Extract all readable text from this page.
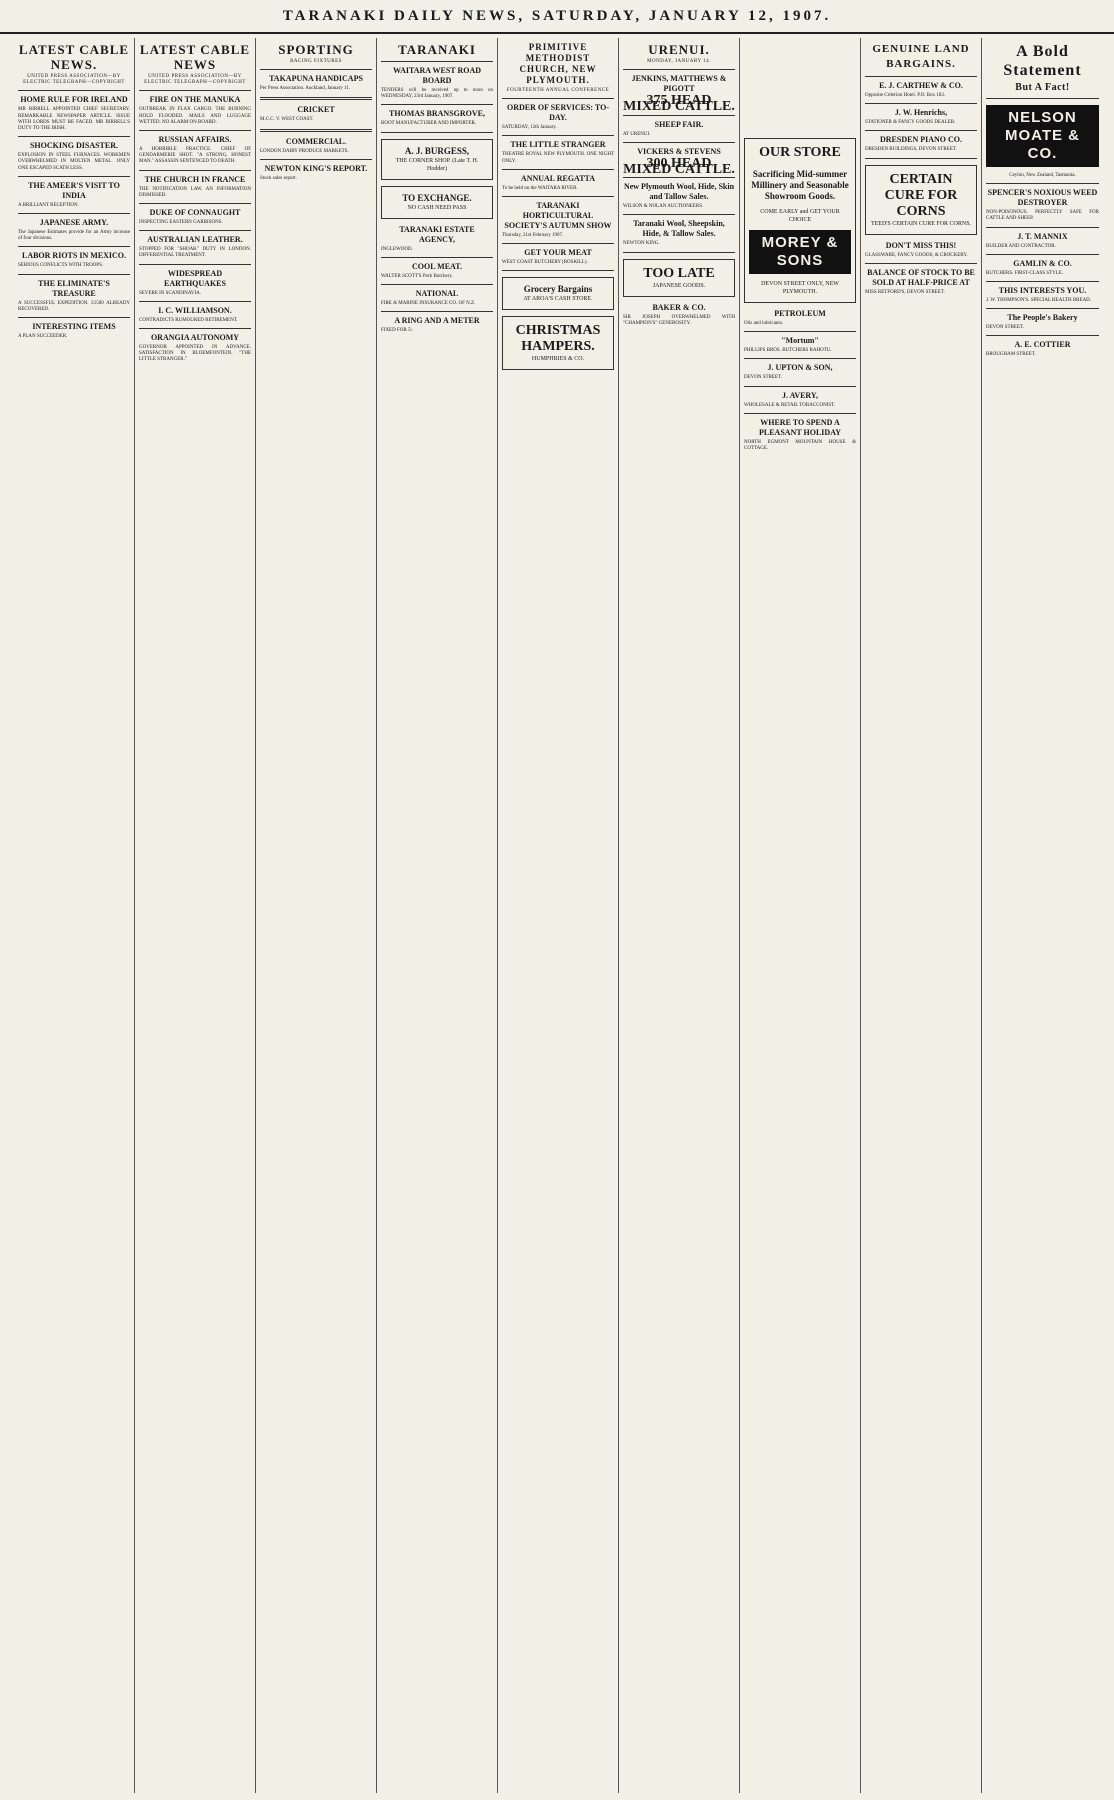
TARANAKI DAILY NEWS, SATURDAY, JANUARY 12, 1907.
LATEST CABLE NEWS.
UNITED PRESS ASSOCIATION—BY ELECTRIC TELEGRAPH—COPYRIGHT
HOME RULE FOR IRELAND

MR BIRRELL APPOINTED CHIEF SECRETARY. REMARKABLE NEWSPAPER ARTICLE. ISSUE WITH LORDS MUST BE FACED. MR BIRRELL'S DUTY TO THE IRISH.

SHOCKING DISASTER.

EXPLOSION IN STEEL FURNACES. WORKMEN OVERWHELMED IN MOLTEN METAL. ONLY ONE ESCAPED SCATH LESS.

THE AMEER'S VISIT TO INDIA

A BRILLIANT RECEPTION.

JAPANESE ARMY.

The Japanese Estimates provide for an Army increase of four divisions.

LABOR RIOTS IN MEXICO.

SERIOUS CONFLICTS WITH TROOPS.

THE ELIMINATE'S TREASURE

A SUCCESSFUL EXPEDITION. £1500 ALREADY RECOVERED.

INTERESTING ITEMS

A PLAN SUCCEEDER.

LATEST CABLE NEWS
UNITED PRESS ASSOCIATION—BY ELECTRIC TELEGRAPH—COPYRIGHT
FIRE ON THE MANUKA

OUTBREAK IN FLAX CARGO. THE BURNING HOLD FLOODED. MAILS AND LUGGAGE WETTED. NO ALARM ON BOARD.

RUSSIAN AFFAIRS.

A HORRIBLE PRACTICE. CHIEF OF GENDARMERIE SHOT. "A STRONG, HONEST MAN." ASSASSIN SENTENCED TO DEATH.

THE CHURCH IN FRANCE

THE NOTIFICATION LAW. AN INFORMATION DISMISSED.

DUKE OF CONNAUGHT

INSPECTING EASTERN GARRISONS.

AUSTRALIAN LEATHER.

STOPPED FOR "SHOAK" DUTY IN LONDON. DIFFERENTIAL TREATMENT.

WIDESPREAD EARTHQUAKES

SEVERE IN SCANDINAVIA.

I. C. WILLIAMSON.

CONTRADICTS RUMOURED RETIREMENT.

ORANGIA AUTONOMY

GOVERNOR APPOINTED IN ADVANCE. SATISFACTION IN BLOEMFONTEIN. "THE LITTLE STRANGER."

SPORTING
RACING FIXTURES
TAKAPUNA HANDICAPS

Per Press Association. Auckland, January 11.

CRICKET

M.C.C. V. WEST COAST.

COMMERCIAL.

LONDON DAIRY PRODUCE MARKETS.

NEWTON KING'S REPORT.

Stock sales report.

TARANAKI
WAITARA WEST ROAD BOARD

TENDERS will be received up to noon on WEDNESDAY, 23rd January, 1907.

THOMAS BRANSGROVE,

BOOT MANUFACTURER AND IMPORTER.

A. J. BURGESS,
THE CORNER SHOP. (Late T. H. Hodder)
TO EXCHANGE.
NO CASH NEED PASS
TARANAKI ESTATE AGENCY,

INGLEWOOD.

COOL MEAT.

WALTER SCOTT'S Pork Butchery.

NATIONAL

FIRE & MARINE INSURANCE CO. OF N.Z.

A RING AND A METER

FIXED FOR 5/.

PRIMITIVE METHODIST CHURCH, NEW PLYMOUTH.
FOURTEENTH ANNUAL CONFERENCE
ORDER OF SERVICES: TO-DAY.

SATURDAY, 12th January.

THE LITTLE STRANGER

THEATRE ROYAL NEW PLYMOUTH. ONE NIGHT ONLY.

ANNUAL REGATTA

To be held on the WAITARA RIVER.

TARANAKI HORTICULTURAL SOCIETY'S AUTUMN SHOW

Thursday, 21st February 1907.

GET YOUR MEAT

WEST COAST BUTCHERY (ROSKILL).

Grocery Bargains
AT AROA'S CASH STORE.
CHRISTMAS HAMPERS.
HUMPHRIES & CO.
URENUI.
MONDAY, JANUARY 14.
JENKINS, MATTHEWS & PIGOTT
375 HEAD MIXED CATTLE.
SHEEP FAIR.

AT URENUI.

VICKERS & STEVENS
300 HEAD MIXED CATTLE.
New Plymouth Wool, Hide, Skin and Tallow Sales.

WILSON & NOLAN AUCTIONEERS.

Taranaki Wool, Sheepskin, Hide, & Tallow Sales.

NEWTON KING.

TOO LATE
JAPANESE GOODS.
BAKER & CO.

SIR JOSEPH OVERWHELMED WITH "CHAMPION'S" GENEROSITY.

OUR STORE
Sacrificing Mid-summer Millinery and Seasonable Showroom Goods.
COME EARLY and GET YOUR CHOICE
MOREY & SONS
DEVON STREET ONLY, NEW PLYMOUTH.
PETROLEUM

Oils and lubricants.

"Mortum"

PHILLIPS BROS. BUTCHERS RAHOTU.

J. UPTON & SON,

DEVON STREET.

J. AVERY,

WHOLESALE & RETAIL TOBACCONIST.

WHERE TO SPEND A PLEASANT HOLIDAY

NORTH EGMONT MOUNTAIN HOUSE & COTTAGE.

GENUINE LAND BARGAINS.
E. J. CARTHEW & CO.

Opposite Criterion Hotel. P.O. Box 183.

J. W. Henrichs,

STATIONER & FANCY GOODS DEALER.

DRESDEN PIANO CO.

DRESDEN BUILDINGS, DEVON STREET.

CERTAIN CURE FOR CORNS
TEED'S CERTAIN CURE FOR CORNS.
DON'T MISS THIS!

GLASSWARE, FANCY GOODS, & CROCKERY.

BALANCE OF STOCK TO BE SOLD AT HALF-PRICE AT

MISS RETFORD'S, DEVON STREET.

A Bold Statement
But A Fact!
NELSON MOATE & CO.

Ceylon, New Zealand, Tasmania.

SPENCER'S NOXIOUS WEED DESTROYER

NON-POISONOUS. PERFECTLY SAFE FOR CATTLE AND SHEEP.

J. T. MANNIX

BUILDER AND CONTRACTOR.

GAMLIN & CO.

BUTCHERS. FIRST-CLASS STYLE.

THIS INTERESTS YOU.

J. W. THOMPSON'S. SPECIAL HEALTH BREAD.

The People's Bakery

DEVON STREET.

A. E. COTTIER

BROUGHAM STREET.
